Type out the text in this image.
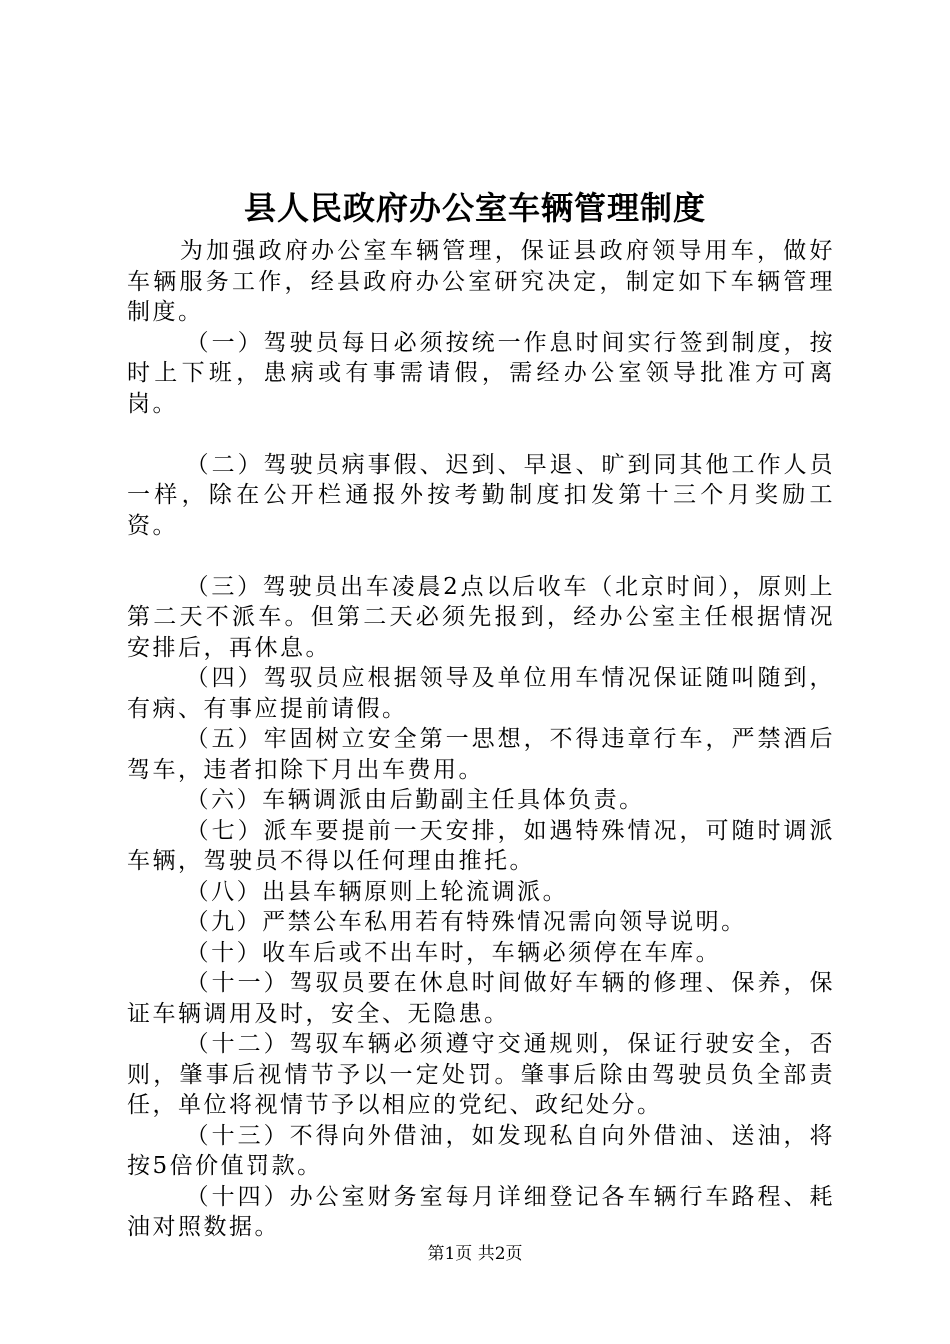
县人民政府办公室车辆管理制度

为加强政府办公室车辆管理，保证县政府领导用车，做好车辆服务工作，经县政府办公室研究决定，制定如下车辆管理制度。

（一）驾驶员每日必须按统一作息时间实行签到制度，按时上下班，患病或有事需请假，需经办公室领导批准方可离岗。

（二）驾驶员病事假、迟到、早退、旷到同其他工作人员一样，除在公开栏通报外按考勤制度扣发第十三个月奖励工资。

（三）驾驶员出车凌晨2点以后收车（北京时间），原则上第二天不派车。但第二天必须先报到，经办公室主任根据情况安排后，再休息。

（四）驾驭员应根据领导及单位用车情况保证随叫随到，有病、有事应提前请假。

（五）牢固树立安全第一思想，不得违章行车，严禁酒后驾车，违者扣除下月出车费用。

（六）车辆调派由后勤副主任具体负责。

（七）派车要提前一天安排，如遇特殊情况，可随时调派车辆，驾驶员不得以任何理由推托。

（八）出县车辆原则上轮流调派。

（九）严禁公车私用若有特殊情况需向领导说明。

（十）收车后或不出车时，车辆必须停在车库。

（十一）驾驭员要在休息时间做好车辆的修理、保养，保证车辆调用及时，安全、无隐患。

（十二）驾驭车辆必须遵守交通规则，保证行驶安全，否则，肇事后视情节予以一定处罚。肇事后除由驾驶员负全部责任，单位将视情节予以相应的党纪、政纪处分。

（十三）不得向外借油，如发现私自向外借油、送油，将按5倍价值罚款。

（十四）办公室财务室每月详细登记各车辆行车路程、耗油对照数据。

第1页 共2页
